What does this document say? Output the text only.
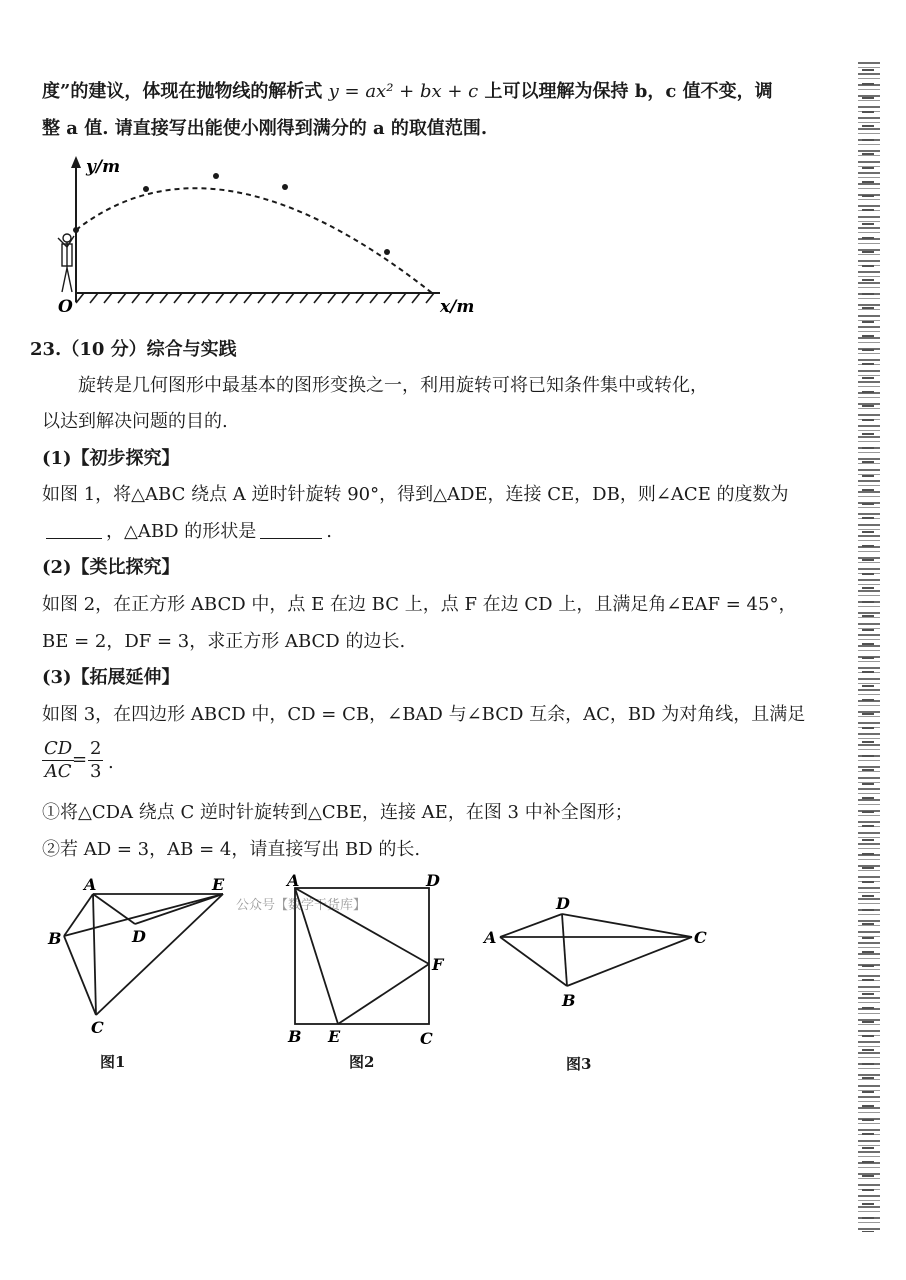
度”的建议，体现在抛物线的解析式 y = ax² + bx + c 上可以理解为保持 b，c 值不变，调
整 a 值. 请直接写出能使小刚得到满分的 a 的取值范围.
y/m
x/m
O
23.（10 分）综合与实践
旋转是几何图形中最基本的图形变换之一，利用旋转可将已知条件集中或转化，
以达到解决问题的目的.
(1)【初步探究】
如图 1，将△ABC 绕点 A 逆时针旋转 90°，得到△ADE，连接 CE，DB，则∠ACE 的度数为
，△ABD 的形状是	.
(2)【类比探究】
如图 2，在正方形 ABCD 中，点 E 在边 BC 上，点 F 在边 CD 上，且满足角∠EAF = 45°，
BE = 2，DF = 3，求正方形 ABCD 的边长.
(3)【拓展延伸】
如图 3，在四边形 ABCD 中，CD = CB，∠BAD 与∠BCD 互余，AC，BD 为对角线，且满足
$\frac{CD}{AC}$
= $\frac{2}{3}$ .
①将△CDA 绕点 C 逆时针旋转到△CBE，连接 AE，在图 3 中补全图形；
②若 AD = 3，AB = 4，请直接写出 BD 的长.
公众号【数学干货库】
A	E
B	D
C
图1
A	D
F
B E	C
图2
A
D
C
B
图3
